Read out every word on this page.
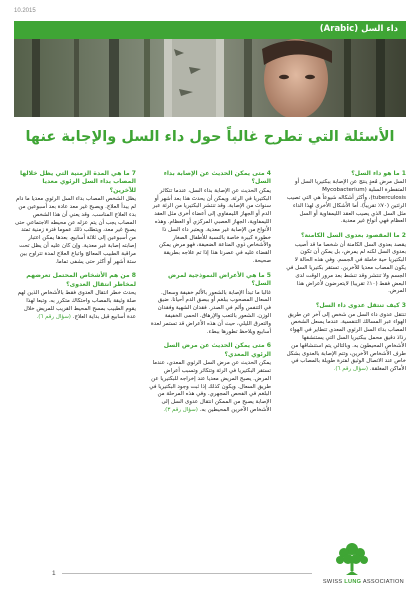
10.2015
داء السل (Arabic)
الأسئلة التي تطرح غالباً حول داء السل والإجابة عنها
1 ما هو داء السل؟
السل مرض مُعدٍ ينتج عن الإصابة ببكتيريا السل أو المتفطرة السلية (Mycobacterium tuberculosis)، وأكثر أشكاله شيوعاً هي التي تصيب الرئتين (٧٠٪ تقريباً). أما الأشكال الأخرى لهذا الداء مثل السل الذي يصيب العقد الليمفاوية أو السل العظام فهي أنواع غير معدية.
2 ما المقصود بعدوى السل الكامنة؟
يقصد بعدوى السل الكامنة أن شخصا ما قد أصيب بعدوى السل لكنه لم يمرض، بل يمكن أن تكون البكتيريا حية خاملة في الجسم. وفي هذه الحالة لا يكون المصاب معديا للآخرين. تستقر بكتيريا السل في الجسم ولا تنتشر وقد تنشط بعد مرور الوقت لدى البعض فقط (١٠٪ تقريبا) لايتعرضون لأعراض هذا المرض.
3 كيف تنتقل عدوى داء السل؟
تنتقل عدوى داء السل من شخص إلى آخر عن طريق الهواء عبر المسالك التنفسية. عندما يسعل الشخص المصاب بداء السل الرئوي المعدي تتطاير في الهواء رذاذ دقيق محمل ببكتيريا السل التي يستنشقها الأشخاص المحيطون به. وبالتالي يتم استنشاقها من طرف الأشخاص الآخرين، وتتم الإصابة بالعدوى بشكل خاص عند الاتصال الوثيق لفترة طويلة بالمصاب في الأماكن المغلقة. (سؤال رقم ٦).
4 متى يمكن الحديث عن الإصابة بداء السل؟
يمكن الحديث عن الإصابة بداء السل، عندما تتكاثر البكتيريا في الرئة. ويمكن أن يحدث هذا بعد أشهر أو سنوات من الإصابة. وقد تنتشر البكتيريا من الرئة عبر الدم أو الجهاز الليمفاوي إلى أعضاء أخرى مثل العقد الليمفاوية، الجهاز العصبي المركزي أو العظام. وهذه الأنواع من الإصابة غير معدية. ويعتبر داء السل ذا خطورة كبيرة خاصة بالنسبة للأطفال الصغار والأشخاص ذوي المناعة الضعيفة، فهو مرض يمكن القضاء عليه في عصرنا هذا إذا تم علاجه بطريقة صحيحة.
5 ما هي الأعراض النموذجية لمرض السل؟
غالبا ما تبدأ الإصابة بالشعور بالألم خفيفة وسعال. السعال المصحوب ببلغم أو ببصق الدم أحيانا. ضيق في التنفس وألم في الصدر. فقدان الشهية وفقدان الوزن. الشعور بالتعب والإرهاق. الحمى الخفيفة والتعرق الليلي، حيث أن هذه الأعراض قد تستمر لعدة أسابيع ويلاحظ تطورها ببطء.
6 متى يمكن الحديث عن مرض السل الرئوي المعدي؟
يمكن الحديث عن مرض السل الرئوي المعدي، عندما تستقر البكتيريا في الرئة وتتكاثر وتسبب أعراض المرض. يصبح المريض معديا عند إخراجه للبكتيريا عن طريق السعال. ويكون كذلك إذا ثبت وجود البكتيريا في البلغم في الفحص المجهري. وفي هذه المرحلة من الإصابة يصبح من الممكن انتقال عدوى السل إلى الأشخاص الآخرين المحيطين به. (سؤال رقم ٣).
7 ما هي المدة الزمنية التي يظل خلالها المصاب بداء السل الرئوي معديا للآخرين؟
يظل الشخص المصاب بداء السل الرئوي معديا ما دام لم يبدأ العلاج. ويصبح غير معد عادة بعد أسبوعين من بدء العلاج المناسب. وقد يعني أن هذا الشخص المصاب يجب أن يتم عزله عن محيطه الاجتماعي حتى يصبح غير معد، ويتطلب ذلك عموما فترة زمنية تمتد من أسبوعين إلى ثلاثة أسابيع. بعدها يمكن اعتبار إصابته إصابة غير معدية. وإن كان عليه أن يظل تحت مراقبة الطبيب المعالج واتباع العلاج لمدة تتراوح بين ستة أشهر أو أكثر حتى يشفى تماما.
8 من هم الأشخاص المحتمل تعرضهم لمخاطر انتقال العدوى؟
يحدث خطر انتقال العدوى فقط بالأشخاص الذين لهم صلة وثيقة بالمصاب واحتكاك متكرر به. وتبعا لهذا يقوم الطبيب بمسح المحيط القريب للمريض خلال عدة أسابيع قبل بداية العلاج. (سؤال رقم ٦).
1
SWISS LUNG ASSOCIATION
